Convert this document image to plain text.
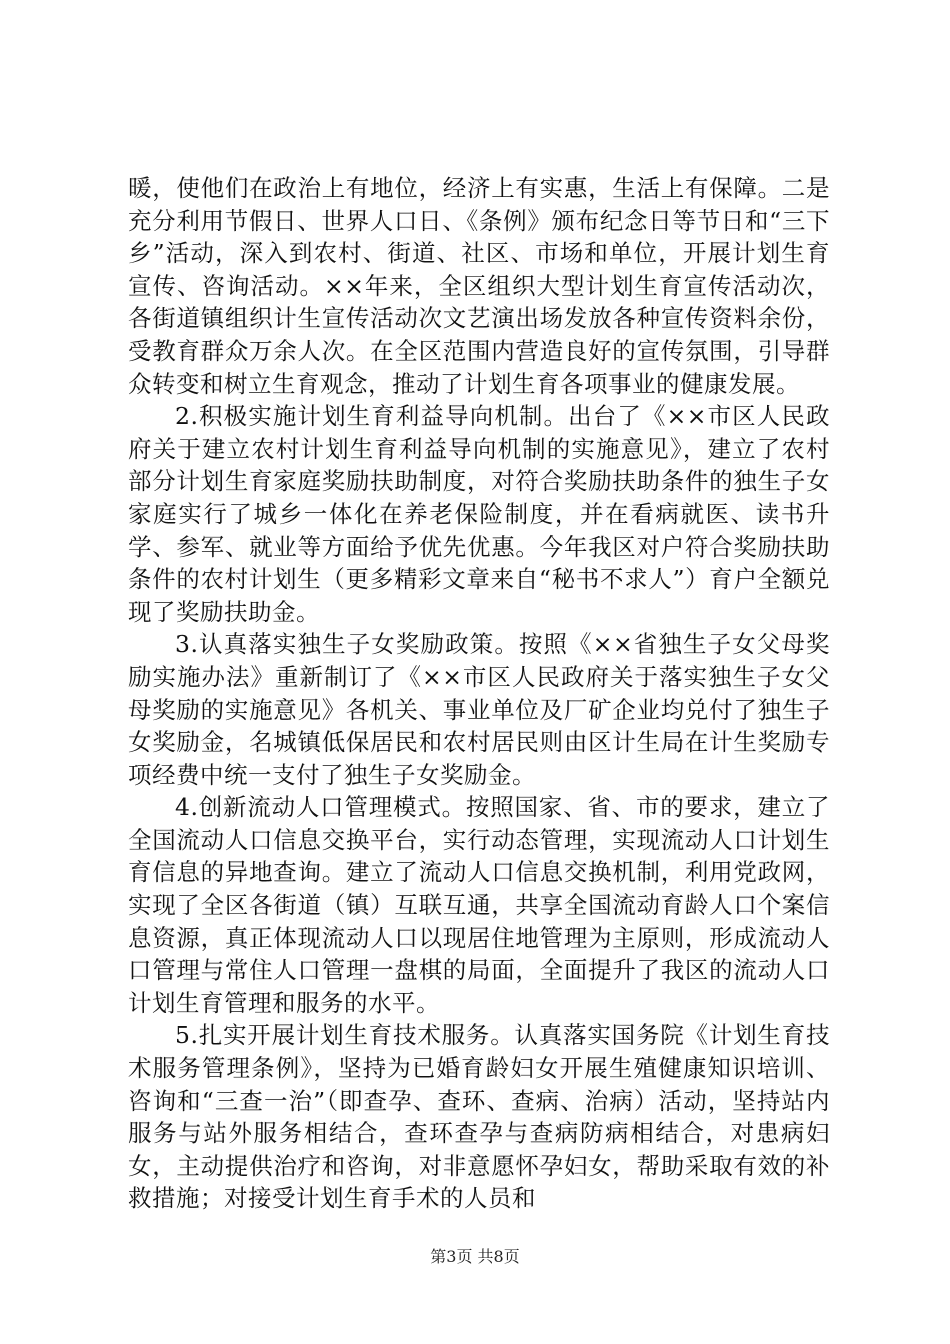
暖，使他们在政治上有地位，经济上有实惠，生活上有保障。二是充分利用节假日、世界人口日、《条例》颁布纪念日等节日和“三下乡”活动，深入到农村、街道、社区、市场和单位，开展计划生育宣传、咨询活动。××年来，全区组织大型计划生育宣传活动次，各街道镇组织计生宣传活动次文艺演出场发放各种宣传资料余份，受教育群众万余人次。在全区范围内营造良好的宣传氛围，引导群众转变和树立生育观念，推动了计划生育各项事业的健康发展。

2.积极实施计划生育利益导向机制。出台了《××市区人民政府关于建立农村计划生育利益导向机制的实施意见》，建立了农村部分计划生育家庭奖励扶助制度，对符合奖励扶助条件的独生子女家庭实行了城乡一体化在养老保险制度，并在看病就医、读书升学、参军、就业等方面给予优先优惠。今年我区对户符合奖励扶助条件的农村计划生（更多精彩文章来自“秘书不求人”）育户全额兑现了奖励扶助金。

3.认真落实独生子女奖励政策。按照《××省独生子女父母奖励实施办法》重新制订了《××市区人民政府关于落实独生子女父母奖励的实施意见》各机关、事业单位及厂矿企业均兑付了独生子女奖励金，名城镇低保居民和农村居民则由区计生局在计生奖励专项经费中统一支付了独生子女奖励金。

4.创新流动人口管理模式。按照国家、省、市的要求，建立了全国流动人口信息交换平台，实行动态管理，实现流动人口计划生育信息的异地查询。建立了流动人口信息交换机制，利用党政网，实现了全区各街道（镇）互联互通，共享全国流动育龄人口个案信息资源，真正体现流动人口以现居住地管理为主原则，形成流动人口管理与常住人口管理一盘棋的局面，全面提升了我区的流动人口计划生育管理和服务的水平。

5.扎实开展计划生育技术服务。认真落实国务院《计划生育技术服务管理条例》，坚持为已婚育龄妇女开展生殖健康知识培训、咨询和“三查一治”（即查孕、查环、查病、治病）活动，坚持站内服务与站外服务相结合，查环查孕与查病防病相结合，对患病妇女，主动提供治疗和咨询，对非意愿怀孕妇女，帮助采取有效的补救措施；对接受计划生育手术的人员和

第3页 共8页
